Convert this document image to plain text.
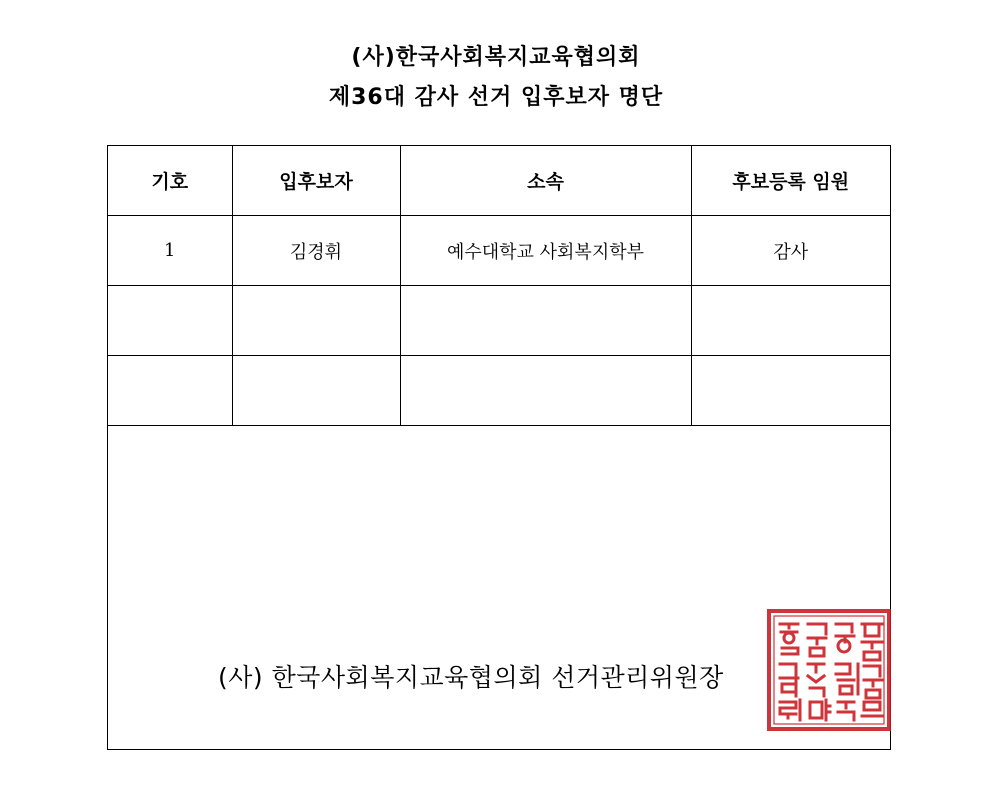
(사)한국사회복지교육협의회
제36대 감사 선거 입후보자 명단
기호	입후보자	소속	후보등록 임원
1	김경휘	예수대학교 사회복지학부	감사

(사) 한국사회복지교육협의회 선거관리위원장
